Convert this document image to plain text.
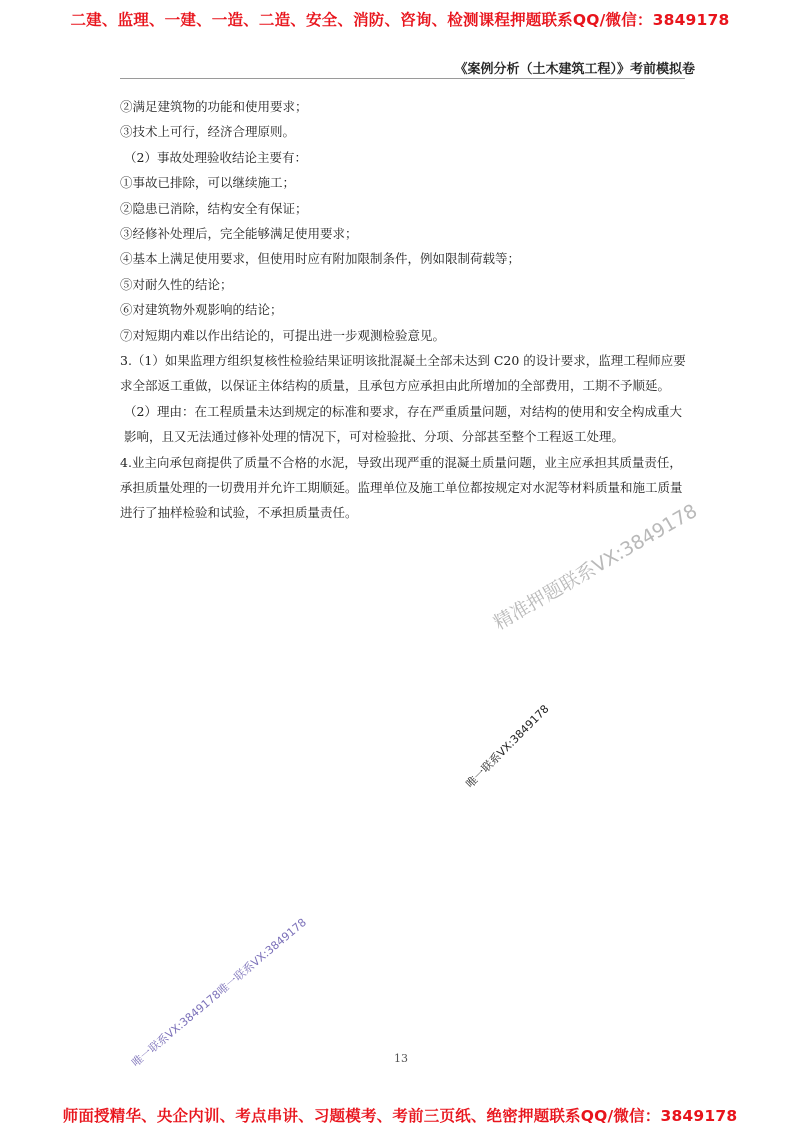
二建、监理、一建、一造、二造、安全、消防、咨询、检测课程押题联系QQ/微信：3849178
《案例分析（土木建筑工程）》考前模拟卷
②满足建筑物的功能和使用要求；
③技术上可行，经济合理原则。
（2）事故处理验收结论主要有：
①事故已排除，可以继续施工；
②隐患已消除，结构安全有保证；
③经修补处理后，完全能够满足使用要求；
④基本上满足使用要求，但使用时应有附加限制条件，例如限制荷载等；
⑤对耐久性的结论；
⑥对建筑物外观影响的结论；
⑦对短期内难以作出结论的，可提出进一步观测检验意见。
3.（1）如果监理方组织复核性检验结果证明该批混凝土全部未达到 C20 的设计要求，监理工程师应要求全部返工重做，以保证主体结构的质量，且承包方应承担由此所增加的全部费用，工期不予顺延。
（2）理由：在工程质量未达到规定的标准和要求，存在严重质量问题，对结构的使用和安全构成重大影响，且又无法通过修补处理的情况下，可对检验批、分项、分部甚至整个工程返工处理。
4.业主向承包商提供了质量不合格的水泥，导致出现严重的混凝土质量问题，业主应承担其质量责任，承担质量处理的一切费用并允许工期顺延。监理单位及施工单位都按规定对水泥等材料质量和施工质量进行了抽样检验和试验，不承担质量责任。	精准押题联系VX:3849178
唯一联系VX:3849178
唯一联系VX:3849178唯一联系VX:3849178	13
师面授精华、央企内训、考点串讲、习题模考、考前三页纸、绝密押题联系QQ/微信：3849178
